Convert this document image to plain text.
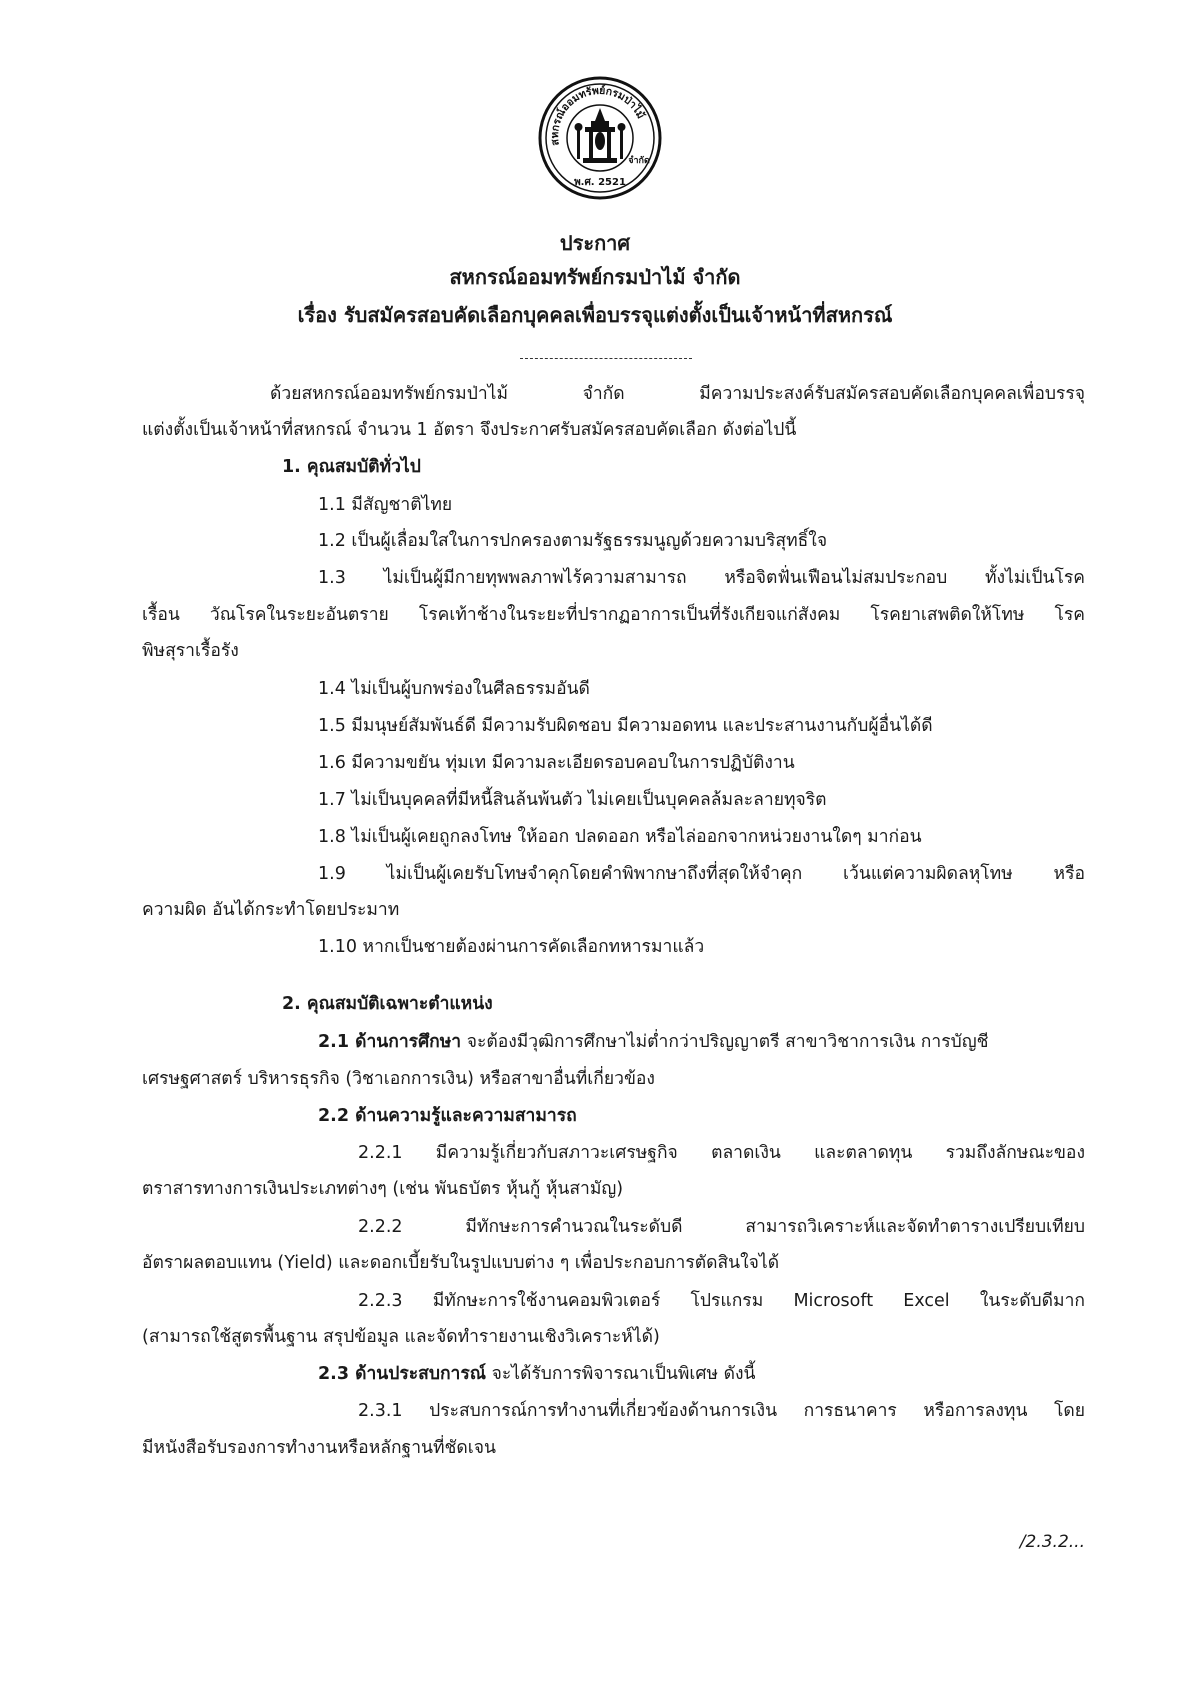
สหกรณ์ออมทรัพย์กรมป่าไม้
พ.ศ. 2521
จำกัด
ประกาศ
สหกรณ์ออมทรัพย์กรมป่าไม้ จำกัด
เรื่อง รับสมัครสอบคัดเลือกบุคคลเพื่อบรรจุแต่งตั้งเป็นเจ้าหน้าที่สหกรณ์
ด้วยสหกรณ์ออมทรัพย์กรมป่าไม้ จำกัด มีความประสงค์รับสมัครสอบคัดเลือกบุคคลเพื่อบรรจุ
แต่งตั้งเป็นเจ้าหน้าที่สหกรณ์ จำนวน 1 อัตรา จึงประกาศรับสมัครสอบคัดเลือก ดังต่อไปนี้
1. คุณสมบัติทั่วไป
1.1 มีสัญชาติไทย
1.2 เป็นผู้เลื่อมใสในการปกครองตามรัฐธรรมนูญด้วยความบริสุทธิ์ใจ
1.3 ไม่เป็นผู้มีกายทุพพลภาพไร้ความสามารถ หรือจิตฟั่นเฟือนไม่สมประกอบ ทั้งไม่เป็นโรค
เรื้อน วัณโรคในระยะอันตราย โรคเท้าช้างในระยะที่ปรากฏอาการเป็นที่รังเกียจแก่สังคม โรคยาเสพติดให้โทษ โรค
พิษสุราเรื้อรัง
1.4 ไม่เป็นผู้บกพร่องในศีลธรรมอันดี
1.5 มีมนุษย์สัมพันธ์ดี มีความรับผิดชอบ มีความอดทน และประสานงานกับผู้อื่นได้ดี
1.6 มีความขยัน ทุ่มเท มีความละเอียดรอบคอบในการปฏิบัติงาน
1.7 ไม่เป็นบุคคลที่มีหนี้สินล้นพ้นตัว ไม่เคยเป็นบุคคลล้มละลายทุจริต
1.8 ไม่เป็นผู้เคยถูกลงโทษ ให้ออก ปลดออก หรือไล่ออกจากหน่วยงานใดๆ มาก่อน
1.9 ไม่เป็นผู้เคยรับโทษจำคุกโดยคำพิพากษาถึงที่สุดให้จำคุก เว้นแต่ความผิดลหุโทษ หรือ
ความผิด อันได้กระทำโดยประมาท
1.10 หากเป็นชายต้องผ่านการคัดเลือกทหารมาแล้ว
2. คุณสมบัติเฉพาะตำแหน่ง
2.1 ด้านการศึกษา จะต้องมีวุฒิการศึกษาไม่ต่ำกว่าปริญญาตรี สาขาวิชาการเงิน การบัญชี
เศรษฐศาสตร์ บริหารธุรกิจ (วิชาเอกการเงิน) หรือสาขาอื่นที่เกี่ยวข้อง
2.2 ด้านความรู้และความสามารถ
2.2.1 มีความรู้เกี่ยวกับสภาวะเศรษฐกิจ ตลาดเงิน และตลาดทุน รวมถึงลักษณะของ
ตราสารทางการเงินประเภทต่างๆ (เช่น พันธบัตร หุ้นกู้ หุ้นสามัญ)
2.2.2 มีทักษะการคำนวณในระดับดี สามารถวิเคราะห์และจัดทำตารางเปรียบเทียบ
อัตราผลตอบแทน (Yield) และดอกเบี้ยรับในรูปแบบต่าง ๆ เพื่อประกอบการตัดสินใจได้
2.2.3 มีทักษะการใช้งานคอมพิวเตอร์ โปรแกรม Microsoft Excel ในระดับดีมาก
(สามารถใช้สูตรพื้นฐาน สรุปข้อมูล และจัดทำรายงานเชิงวิเคราะห์ได้)
2.3 ด้านประสบการณ์ จะได้รับการพิจารณาเป็นพิเศษ ดังนี้
2.3.1 ประสบการณ์การทำงานที่เกี่ยวข้องด้านการเงิน การธนาคาร หรือการลงทุน โดย
มีหนังสือรับรองการทำงานหรือหลักฐานที่ชัดเจน
/2.3.2...
